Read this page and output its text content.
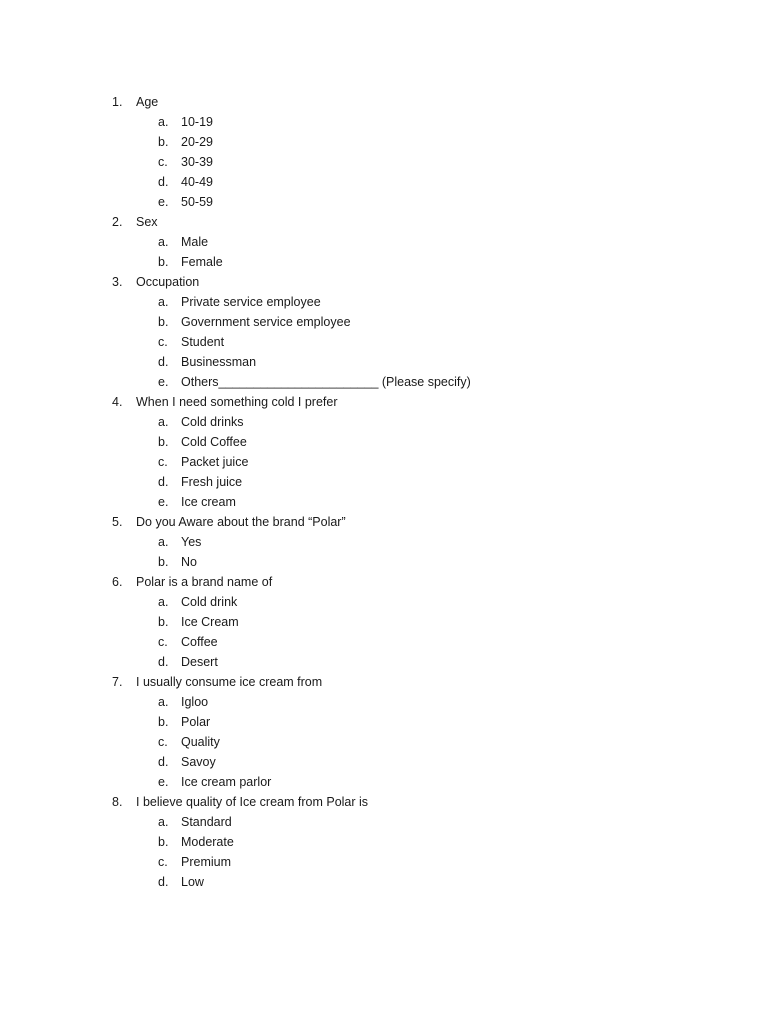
1. Age
a. 10-19
b. 20-29
c. 30-39
d. 40-49
e. 50-59
2. Sex
a. Male
b. Female
3. Occupation
a. Private service employee
b. Government service employee
c. Student
d. Businessman
e. Others_______________________ (Please specify)
4. When I need something cold I prefer
a. Cold drinks
b. Cold Coffee
c. Packet juice
d. Fresh juice
e. Ice cream
5. Do you Aware about the brand “Polar”
a. Yes
b. No
6. Polar is a brand name of
a. Cold drink
b. Ice Cream
c. Coffee
d. Desert
7. I usually consume ice cream from
a. Igloo
b. Polar
c. Quality
d. Savoy
e. Ice cream parlor
8. I believe quality of Ice cream from Polar is
a. Standard
b. Moderate
c. Premium
d. Low
